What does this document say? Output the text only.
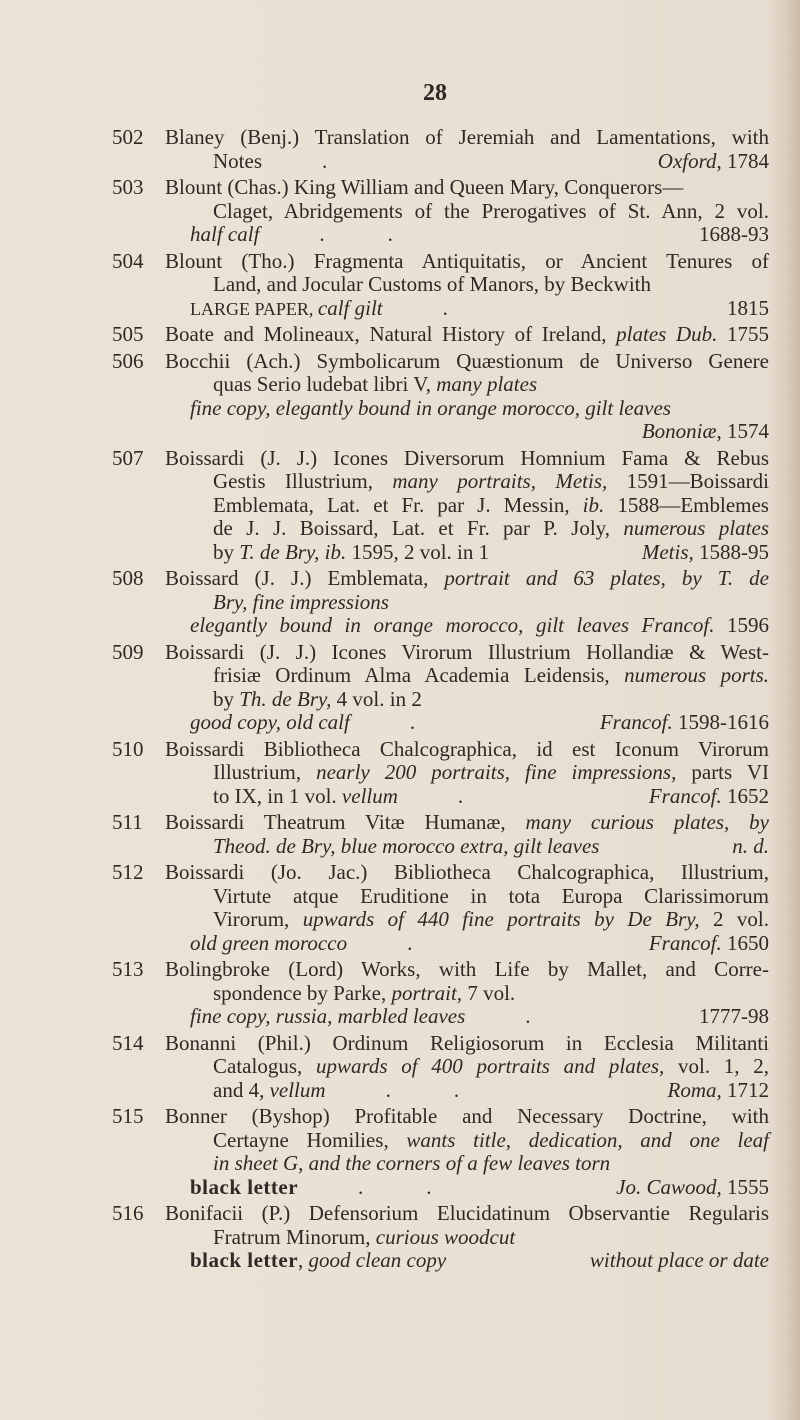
28
502 Blaney (Benj.) Translation of Jeremiah and Lamentations, with
Notes	.	Oxford, 1784
503 Blount (Chas.) King William and Queen Mary, Conquerors—
Claget, Abridgements of the Prerogatives of St. Ann, 2 vol.
half calf	.            .	1688-93
504 Blount (Tho.) Fragmenta Antiquitatis, or Ancient Tenures of
Land, and Jocular Customs of Manors, by Beckwith
LARGE PAPER, calf gilt	.	1815
505 Boate and Molineaux, Natural History of Ireland, plates Dub. 1755
506 Bocchii (Ach.) Symbolicarum Quæstionum de Universo Genere
quas Serio ludebat libri V, many plates
fine copy, elegantly bound in orange morocco, gilt leaves
Bononiæ, 1574
507 Boissardi (J. J.) Icones Diversorum Homnium Fama & Rebus
Gestis Illustrium, many portraits, Metis, 1591—Boissardi
Emblemata, Lat. et Fr. par J. Messin, ib. 1588—Emblemes
de J. J. Boissard, Lat. et Fr. par P. Joly, numerous plates
by T. de Bry, ib. 1595, 2 vol. in 1	Metis, 1588-95
508 Boissard (J. J.) Emblemata, portrait and 63 plates, by T. de
Bry, fine impressions
elegantly bound in orange morocco, gilt leaves Francof. 1596
509 Boissardi (J. J.) Icones Virorum Illustrium Hollandiæ & West-
frisiæ Ordinum Alma Academia Leidensis, numerous ports.
by Th. de Bry, 4 vol. in 2
good copy, old calf	.	Francof. 1598-1616
510 Boissardi Bibliotheca Chalcographica, id est Iconum Virorum
Illustrium, nearly 200 portraits, fine impressions, parts VI
to IX, in 1 vol. vellum	.	Francof. 1652
511 Boissardi Theatrum Vitæ Humanæ, many curious plates, by
Theod. de Bry, blue morocco extra, gilt leaves	n. d.
512 Boissardi (Jo. Jac.) Bibliotheca Chalcographica, Illustrium,
Virtute atque Eruditione in tota Europa Clarissimorum
Virorum, upwards of 440 fine portraits by De Bry, 2 vol.
old green morocco	.	Francof. 1650
513 Bolingbroke (Lord) Works, with Life by Mallet, and Corre-
spondence by Parke, portrait, 7 vol.
fine copy, russia, marbled leaves	.	1777-98
514 Bonanni (Phil.) Ordinum Religiosorum in Ecclesia Militanti
Catalogus, upwards of 400 portraits and plates, vol. 1, 2,
and 4, vellum	.            .	Roma, 1712
515 Bonner (Byshop) Profitable and Necessary Doctrine, with
Certayne Homilies, wants title, dedication, and one leaf
in sheet G, and the corners of a few leaves torn
black letter	.            .	Jo. Cawood, 1555
516 Bonifacii (P.) Defensorium Elucidatinum Observantie Regularis
Fratrum Minorum, curious woodcut
black letter, good clean copy	without place or date
